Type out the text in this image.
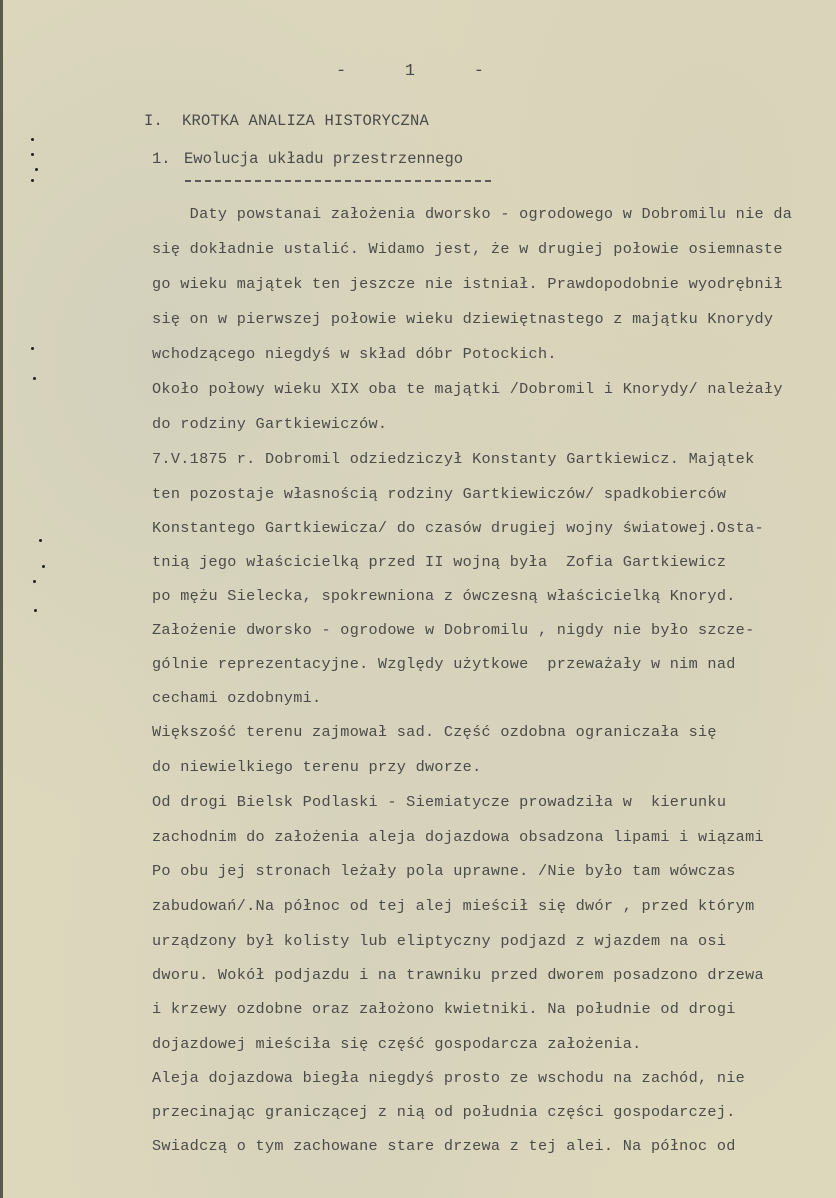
-	1	-
I. KROTKA ANALIZA HISTORYCZNA
1. Ewolucja układu przestrzennego
Daty powstanai założenia dworsko - ogrodowego w Dobromilu nie da
się dokładnie ustalić. Widamo jest, że w drugiej połowie osiemnaste
go wieku majątek ten jeszcze nie istniał. Prawdopodobnie wyodrębnił
się on w pierwszej połowie wieku dziewiętnastego z majątku Knorydy
wchodzącego niegdyś w skład dóbr Potockich.
Około połowy wieku XIX oba te majątki /Dobromil i Knorydy/ należały
do rodziny Gartkiewiczów.
7.V.1875 r. Dobromil odziedziczył Konstanty Gartkiewicz. Majątek
ten pozostaje własnością rodziny Gartkiewiczów/ spadkobierców
Konstantego Gartkiewicza/ do czasów drugiej wojny światowej.Osta-
tnią jego właścicielką przed II wojną była  Zofia Gartkiewicz
po mężu Sielecka, spokrewniona z ówczesną właścicielką Knoryd.
Założenie dworsko - ogrodowe w Dobromilu , nigdy nie było szcze-
gólnie reprezentacyjne. Względy użytkowe  przeważały w nim nad
cechami ozdobnymi.
Większość terenu zajmował sad. Część ozdobna ograniczała się
do niewielkiego terenu przy dworze.
Od drogi Bielsk Podlaski - Siemiatycze prowadziła w  kierunku
zachodnim do założenia aleja dojazdowa obsadzona lipami i wiązami
Po obu jej stronach leżały pola uprawne. /Nie było tam wówczas
zabudowań/.Na północ od tej alej mieścił się dwór , przed którym
urządzony był kolisty lub eliptyczny podjazd z wjazdem na osi
dworu. Wokół podjazdu i na trawniku przed dworem posadzono drzewa
i krzewy ozdobne oraz założono kwietniki. Na południe od drogi
dojazdowej mieściła się część gospodarcza założenia.
Aleja dojazdowa biegła niegdyś prosto ze wschodu na zachód, nie
przecinając graniczącej z nią od południa części gospodarczej.
Swiadczą o tym zachowane stare drzewa z tej alei. Na północ od
